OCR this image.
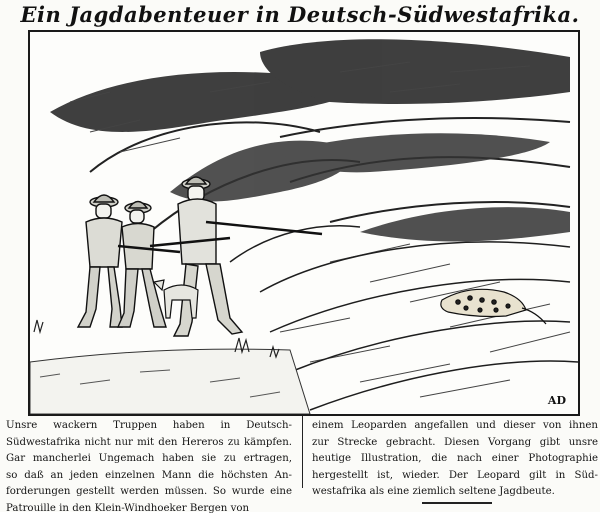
Ein Jagdabenteuer in Deutsch-Südwestafrika.
AD
Unsre wackern Truppen haben in Deutsch-
Südwestafrika nicht nur mit den Hereros zu kämpfen.
Gar mancherlei Ungemach haben sie zu ertragen,
so daß an jeden einzelnen Mann die höchsten An-
forderungen gestellt werden müssen. So wurde eine
Patrouille in den Klein-Windhoeker Bergen von
einem Leoparden angefallen und dieser von ihnen
zur Strecke gebracht. Diesen Vorgang gibt unsre
heutige Illustration, die nach einer Photographie
hergestellt ist, wieder. Der Leopard gilt in Süd-
westafrika als eine ziemlich seltene Jagdbeute.
